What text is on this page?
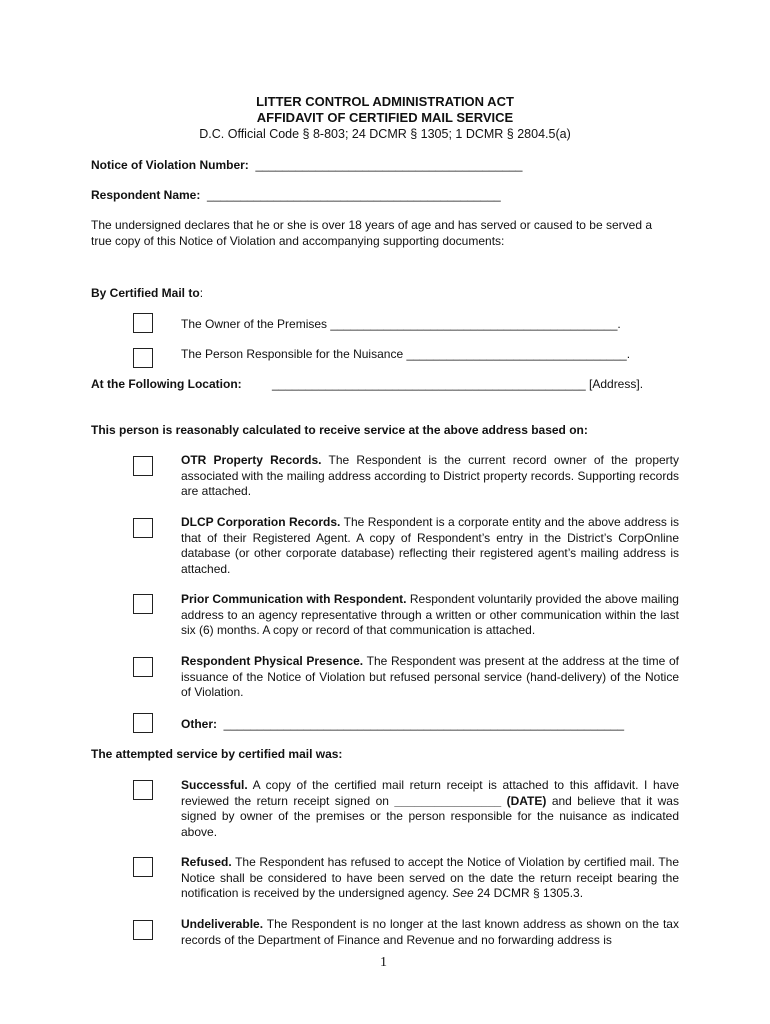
LITTER CONTROL ADMINISTRATION ACT
AFFIDAVIT OF CERTIFIED MAIL SERVICE
D.C. Official Code § 8-803; 24 DCMR § 1305; 1 DCMR § 2804.5(a)
Notice of Violation Number: ________________________________________
Respondent Name: ____________________________________________
The undersigned declares that he or she is over 18 years of age and has served or caused to be served a
true copy of this Notice of Violation and accompanying supporting documents:
By Certified Mail to:
The Owner of the Premises ___________________________________________.
The Person Responsible for the Nuisance _________________________________.
At the Following Location:	_______________________________________________ [Address].
This person is reasonably calculated to receive service at the above address based on:
OTR Property Records. The Respondent is the current record owner of the property associated with the mailing address according to District property records. Supporting records are attached.
DLCP Corporation Records. The Respondent is a corporate entity and the above address is that of their Registered Agent. A copy of Respondent’s entry in the District’s CorpOnline database (or other corporate database) reflecting their registered agent’s mailing address is attached.
Prior Communication with Respondent. Respondent voluntarily provided the above mailing address to an agency representative through a written or other communication within the last six (6) months. A copy or record of that communication is attached.
Respondent Physical Presence. The Respondent was present at the address at the time of issuance of the Notice of Violation but refused personal service (hand-delivery) of the Notice of Violation.
Other: ____________________________________________________________
The attempted service by certified mail was:
Successful. A copy of the certified mail return receipt is attached to this affidavit. I have reviewed the return receipt signed on ________________ (DATE) and believe that it was signed by owner of the premises or the person responsible for the nuisance as indicated above.
Refused. The Respondent has refused to accept the Notice of Violation by certified mail. The Notice shall be considered to have been served on the date the return receipt bearing the notification is received by the undersigned agency. See 24 DCMR § 1305.3.
Undeliverable. The Respondent is no longer at the last known address as shown on the tax records of the Department of Finance and Revenue and no forwarding address is
1
